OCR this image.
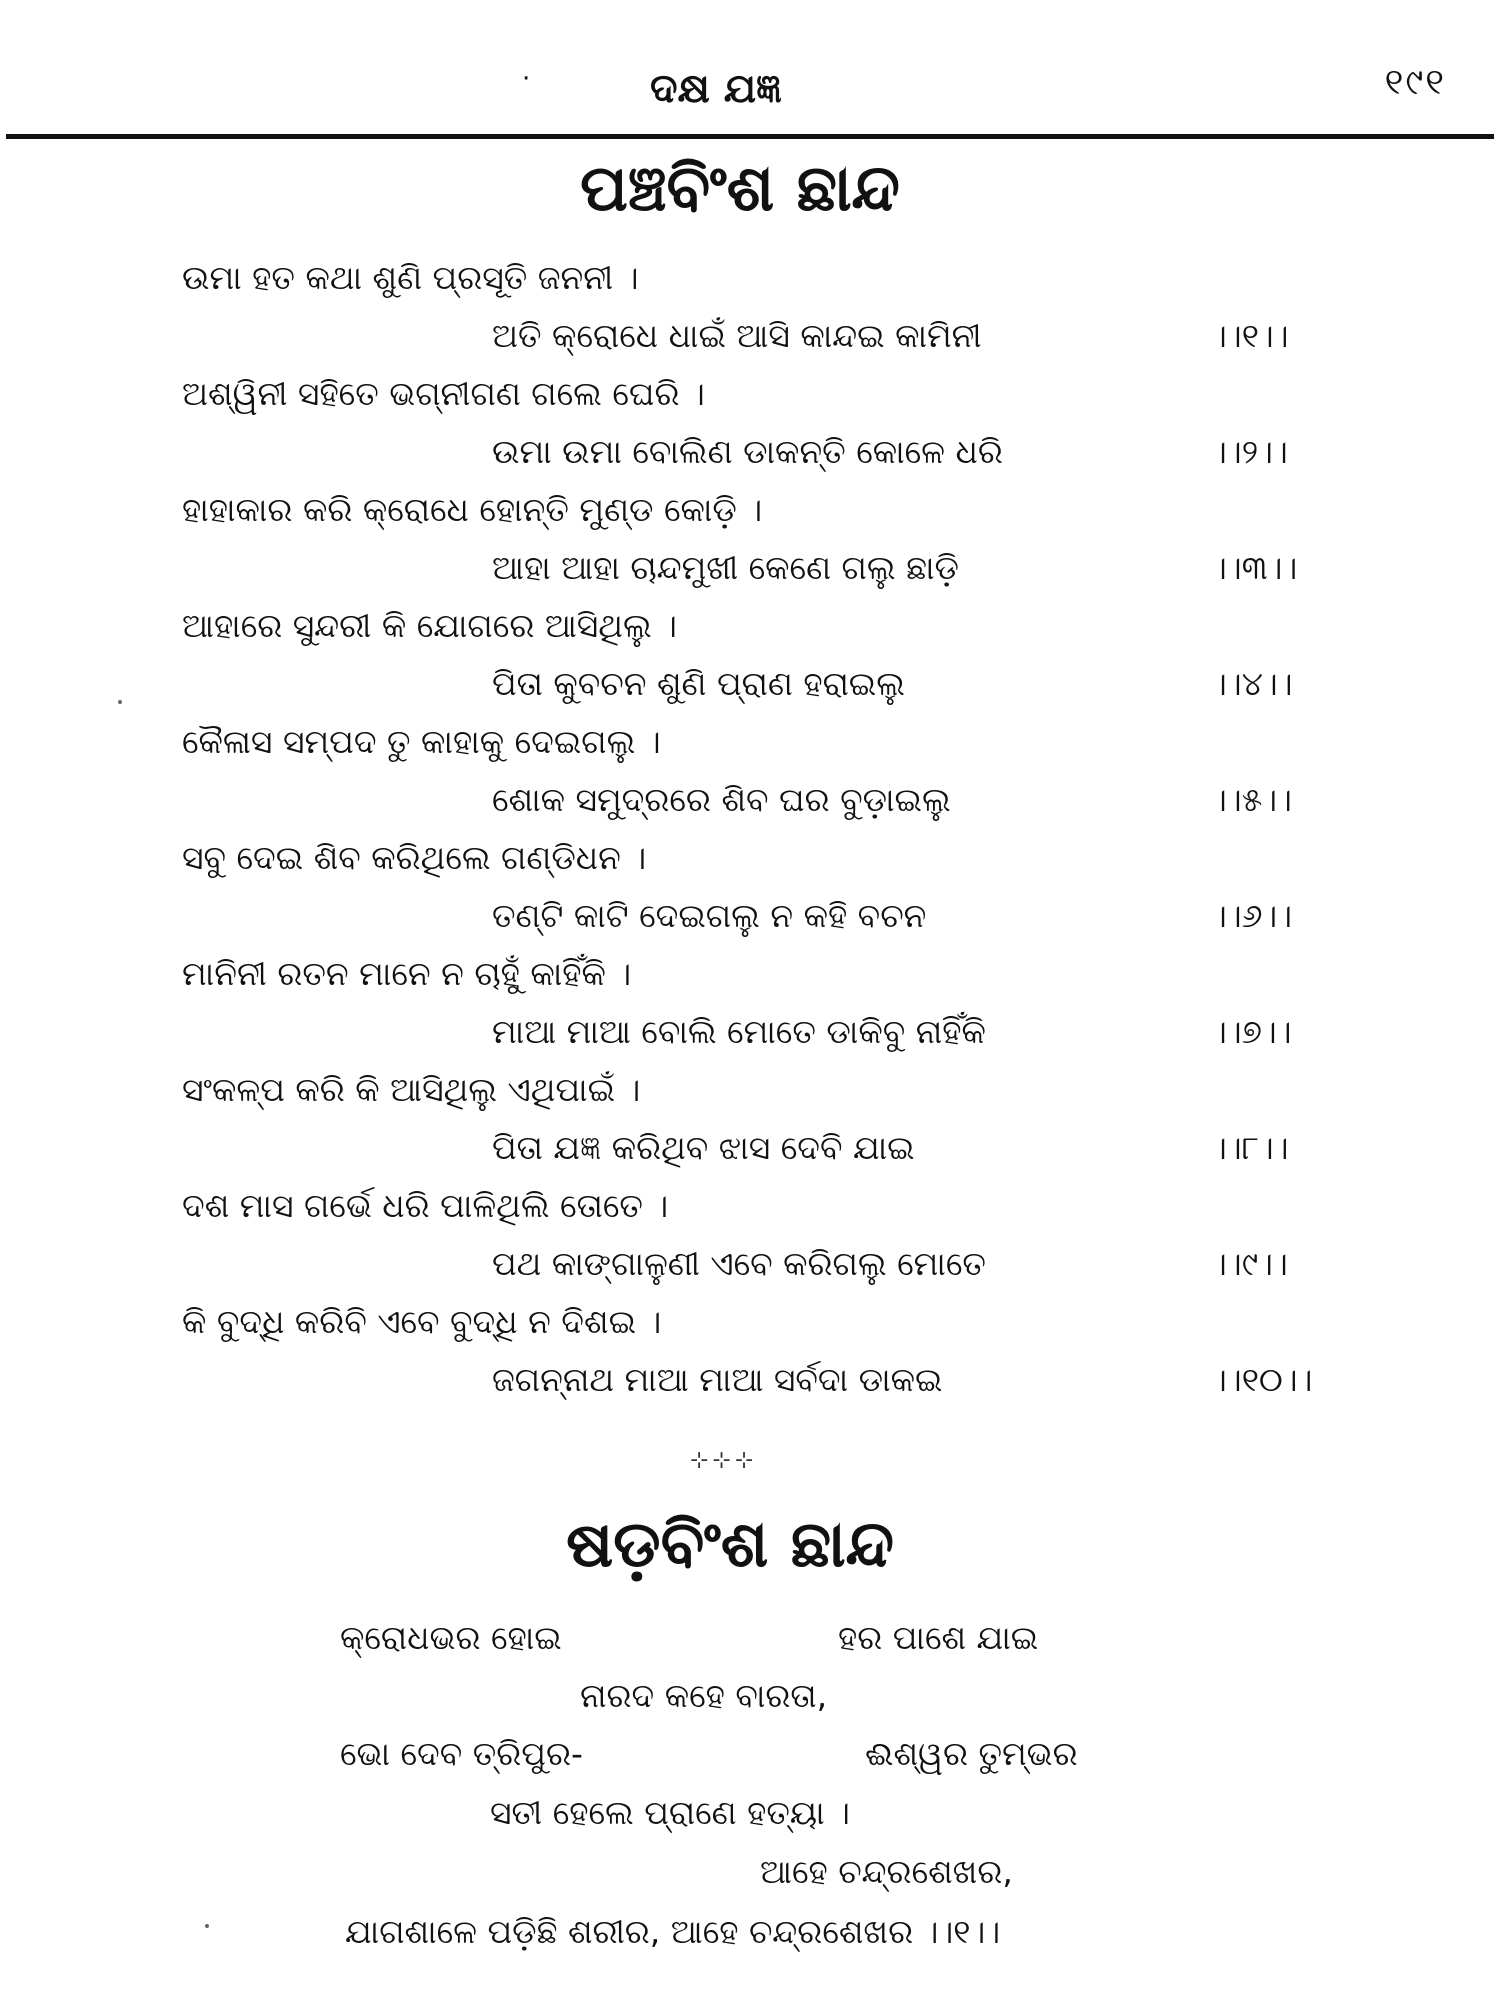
·	ଦକ୍ଷ ଯଜ୍ଞ	୧୯୧
ପଞ୍ଚବିଂଶ ଛାନ୍ଦ
ଉମା ହତ କଥା ଶୁଣି ପ୍ରସୂତି ଜନନୀ ।
ଅତି କ୍ରୋଧେ ଧାଇଁ ଆସି କାନ୍ଦଇ କାମିନୀ	।।୧।।
ଅଶ୍ୱିନୀ ସହିତେ ଭଗ୍ନୀଗଣ ଗଲେ ଘେରି ।
ଉମା ଉମା ବୋଲିଣ ଡାକନ୍ତି କୋଳେ ଧରି	।।୨।।
ହାହାକାର କରି କ୍ରୋଧେ ହୋନ୍ତି ମୁଣ୍ଡ କୋଡ଼ି ।
ଆହା ଆହା ଚାନ୍ଦମୁଖୀ କେଣେ ଗଲୁ ଛାଡ଼ି	।।୩।।
ଆହାରେ ସୁନ୍ଦରୀ କି ଯୋଗରେ ଆସିଥିଲୁ ।
ପିତା କୁବଚନ ଶୁଣି ପ୍ରାଣ ହରାଇଲୁ	।।୪।।
କୈଳାସ ସମ୍ପଦ ତୁ କାହାକୁ ଦେଇଗଲୁ ।
ଶୋକ ସମୁଦ୍ରରେ ଶିବ ଘର ବୁଡ଼ାଇଲୁ	।।୫।।
ସବୁ ଦେଇ ଶିବ କରିଥିଲେ ଗଣ୍ଡିଧନ ।
ତଣ୍ଟି କାଟି ଦେଇଗଲୁ ନ କହି ବଚନ	।।୬।।
ମାନିନୀ ରତନ ମାନେ ନ ଚାହୁଁ କାହିଁକି ।
ମାଆ ମାଆ ବୋଲି ମୋତେ ଡାକିବୁ ନାହିଁକି	।।୭।।
ସଂକଳ୍ପ କରି କି ଆସିଥିଲୁ ଏଥିପାଇଁ ।
ପିତା ଯଜ୍ଞ କରିଥିବ ଝାସ ଦେବି ଯାଇ	।।୮।।
ଦଶ ମାସ ଗର୍ଭେ ଧରି ପାଳିଥିଲି ତୋତେ ।
ପଥ କାଙ୍ଗାଳୁଣୀ ଏବେ କରିଗଲୁ ମୋତେ	।।୯।।
କି ବୁଦ୍ଧି କରିବି ଏବେ ବୁଦ୍ଧି ନ ଦିଶଇ ।
ଜଗନ୍ନାଥ ମାଆ ମାଆ ସର୍ବଦା ଡାକଇ	।।୧୦।।
⊹⊹⊹
ଷଡ଼ବିଂଶ ଛାନ୍ଦ
କ୍ରୋଧଭର ହୋଇ	ହର ପାଶେ ଯାଇ
ନାରଦ କହେ ବାରତା,
ଭୋ ଦେବ ତ୍ରିପୁର-	ଈଶ୍ୱର ତୁମ୍ଭର
ସତୀ ହେଲେ ପ୍ରାଣେ ହତ୍ୟା ।
ଆହେ ଚନ୍ଦ୍ରଶେଖର,
ଯାଗଶାଳେ ପଡ଼ିଛି ଶରୀର, ଆହେ ଚନ୍ଦ୍ରଶେଖର ।।୧।।
